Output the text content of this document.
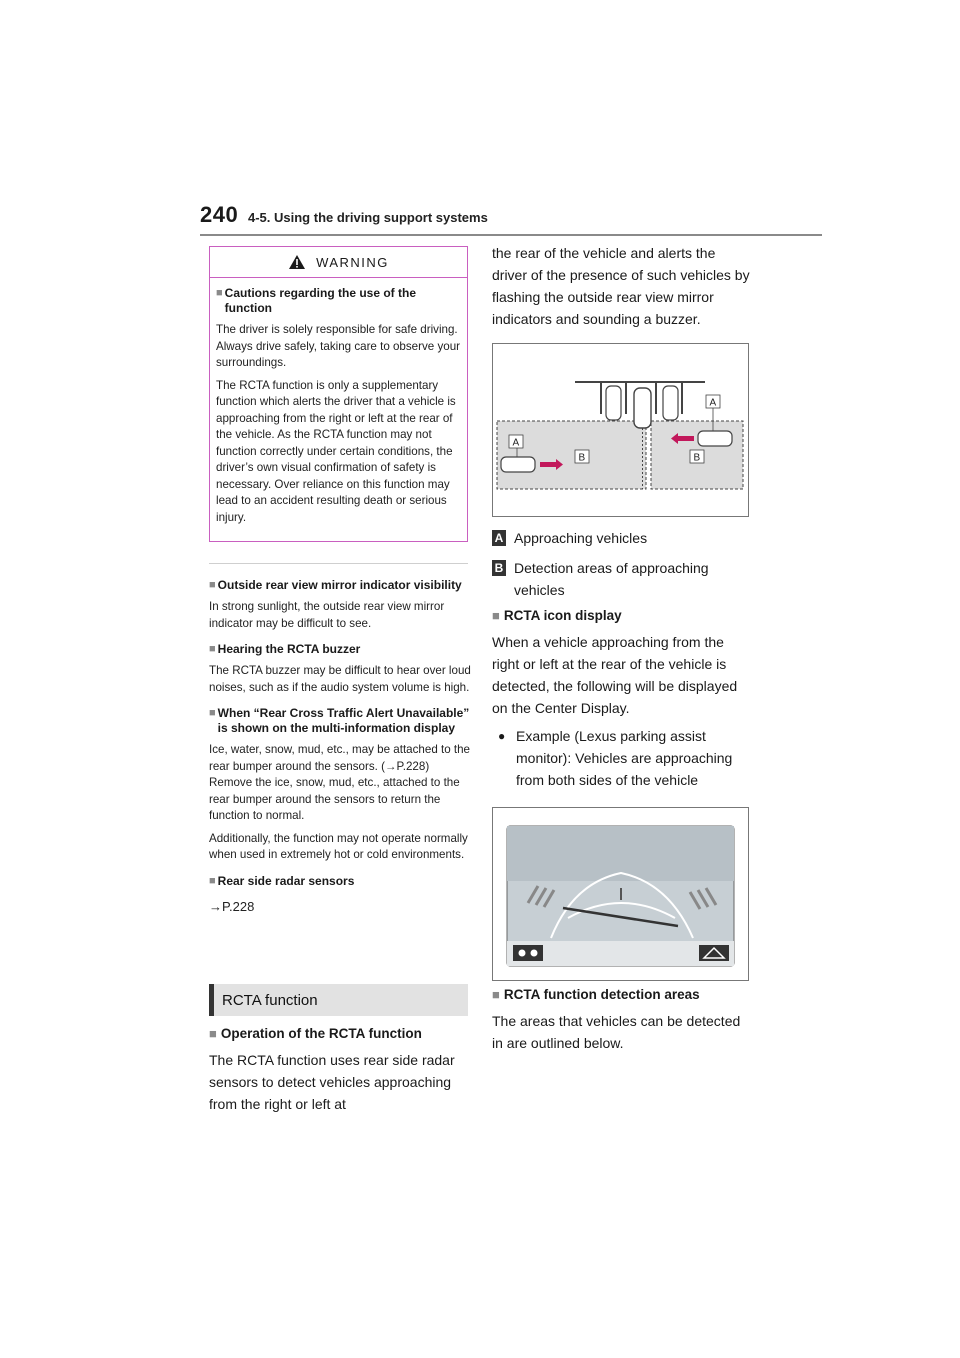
240 4-5. Using the driving support systems
WARNING
■ Cautions regarding the use of the function

The driver is solely responsible for safe driving. Always drive safely, taking care to observe your surroundings.

The RCTA function is only a supplementary function which alerts the driver that a vehicle is approaching from the right or left at the rear of the vehicle. As the RCTA function may not function correctly under certain conditions, the driver’s own visual confirmation of safety is necessary. Over reliance on this function may lead to an accident resulting death or serious injury.

■ Outside rear view mirror indicator visibility

In strong sunlight, the outside rear view mirror indicator may be difficult to see.

■ Hearing the RCTA buzzer

The RCTA buzzer may be difficult to hear over loud noises, such as if the audio system volume is high.

■ When “Rear Cross Traffic Alert Unavailable” is shown on the multi-information display

Ice, water, snow, mud, etc., may be attached to the rear bumper around the sensors. (→P.228) Remove the ice, snow, mud, etc., attached to the rear bumper around the sensors to return the function to normal.

Additionally, the function may not operate normally when used in extremely hot or cold environments.

■ Rear side radar sensors
→P.228
RCTA function
■ Operation of the RCTA function
The RCTA function uses rear side radar sensors to detect vehicles approaching from the right or left at
the rear of the vehicle and alerts the driver of the presence of such vehicles by flashing the outside rear view mirror indicators and sounding a buzzer.
A
A
B	B
A Approaching vehicles
B Detection areas of approaching vehicles
■ RCTA icon display
When a vehicle approaching from the right or left at the rear of the vehicle is detected, the following will be displayed on the Center Display.
● Example (Lexus parking assist monitor): Vehicles are approaching from both sides of the vehicle
■ RCTA function detection areas
The areas that vehicles can be detected in are outlined below.
